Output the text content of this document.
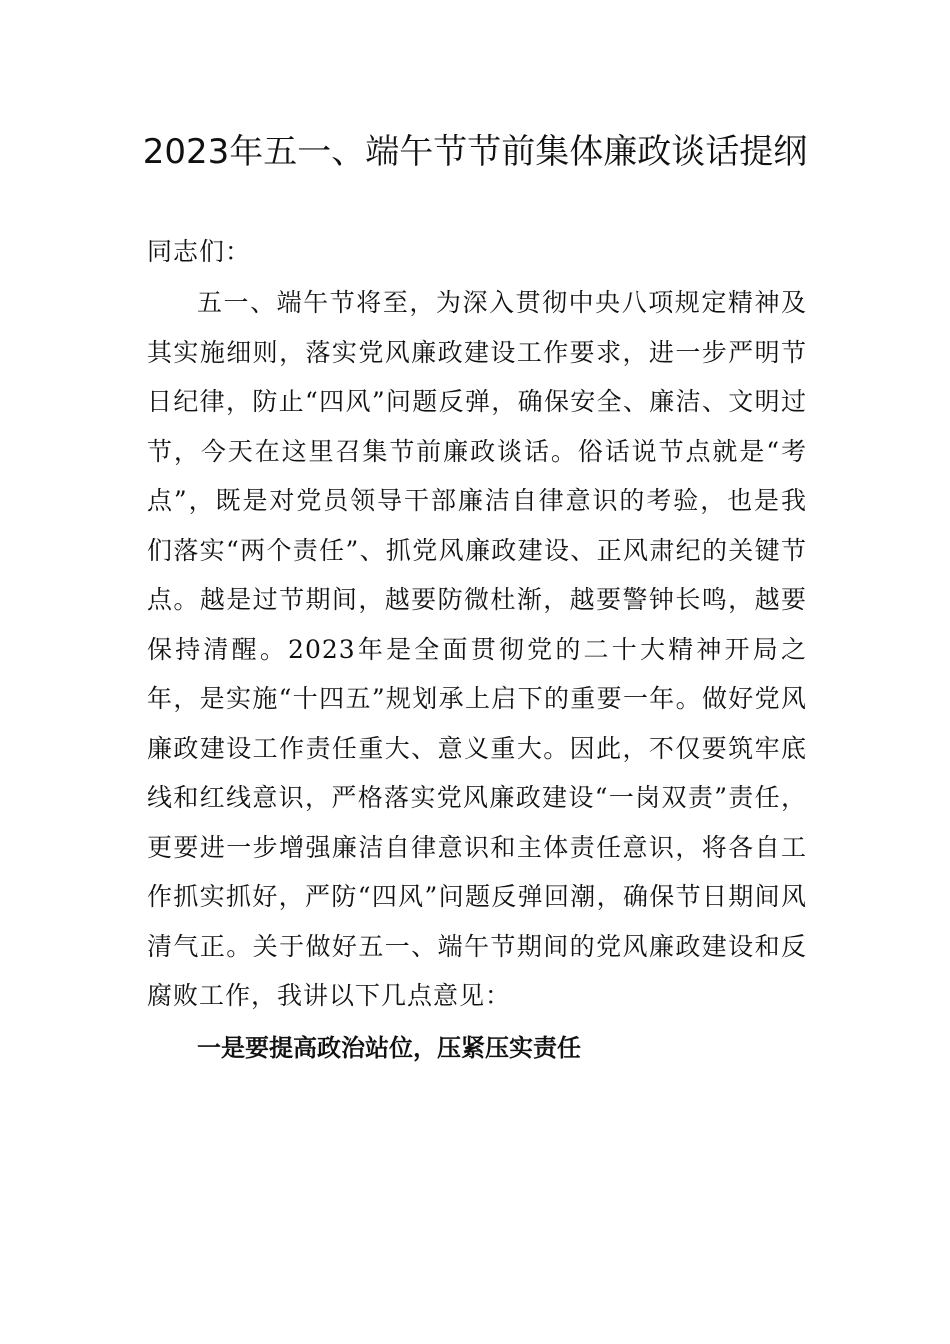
2023年五一、端午节节前集体廉政谈话提纲

同志们：

五一、端午节将至，为深入贯彻中央八项规定精神及其实施细则，落实党风廉政建设工作要求，进一步严明节日纪律，防止“四风”问题反弹，确保安全、廉洁、文明过节，今天在这里召集节前廉政谈话。俗话说节点就是“考点”，既是对党员领导干部廉洁自律意识的考验，也是我们落实“两个责任”、抓党风廉政建设、正风肃纪的关键节点。越是过节期间，越要防微杜渐，越要警钟长鸣，越要保持清醒。2023年是全面贯彻党的二十大精神开局之年，是实施“十四五”规划承上启下的重要一年。做好党风廉政建设工作责任重大、意义重大。因此，不仅要筑牢底线和红线意识，严格落实党风廉政建设“一岗双责”责任，更要进一步增强廉洁自律意识和主体责任意识，将各自工作抓实抓好，严防“四风”问题反弹回潮，确保节日期间风清气正。关于做好五一、端午节期间的党风廉政建设和反腐败工作，我讲以下几点意见：

一是要提高政治站位，压紧压实责任
